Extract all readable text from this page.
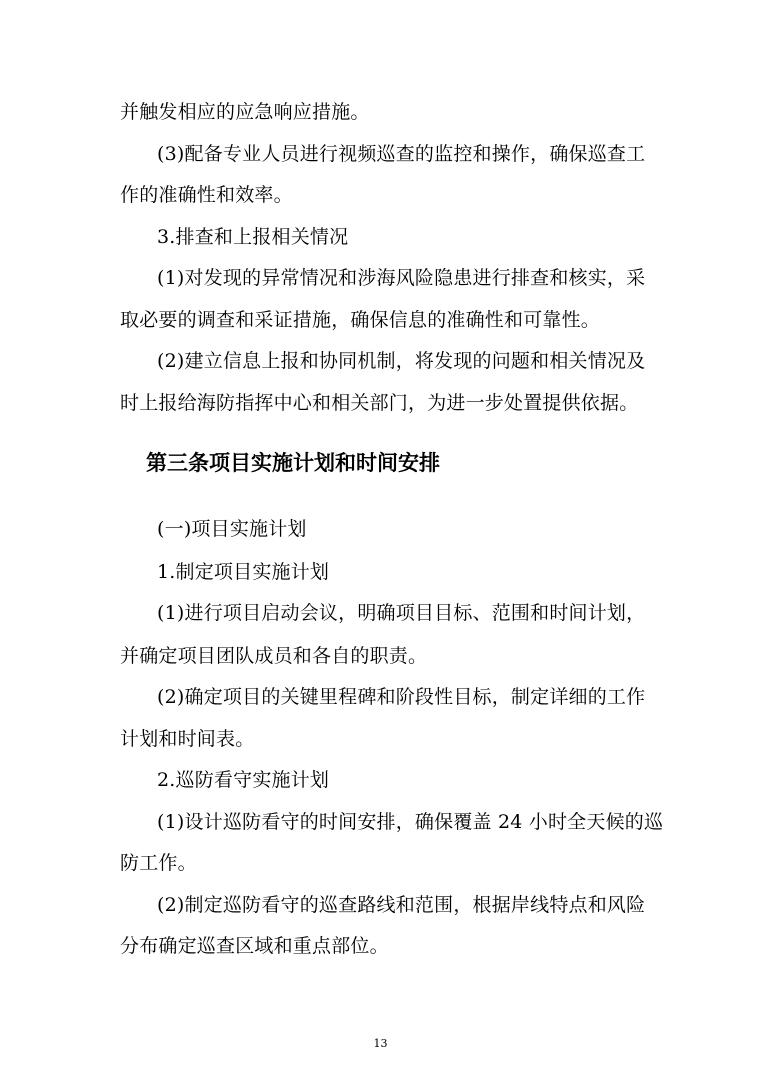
并触发相应的应急响应措施。
(3)配备专业人员进行视频巡查的监控和操作，确保巡查工
作的准确性和效率。
3.排查和上报相关情况
(1)对发现的异常情况和涉海风险隐患进行排查和核实，采
取必要的调查和采证措施，确保信息的准确性和可靠性。
(2)建立信息上报和协同机制，将发现的问题和相关情况及
时上报给海防指挥中心和相关部门，为进一步处置提供依据。
第三条项目实施计划和时间安排
(一)项目实施计划
1.制定项目实施计划
(1)进行项目启动会议，明确项目目标、范围和时间计划，
并确定项目团队成员和各自的职责。
(2)确定项目的关键里程碑和阶段性目标，制定详细的工作
计划和时间表。
2.巡防看守实施计划
(1)设计巡防看守的时间安排，确保覆盖 24 小时全天候的巡
防工作。
(2)制定巡防看守的巡查路线和范围，根据岸线特点和风险
分布确定巡查区域和重点部位。
13
